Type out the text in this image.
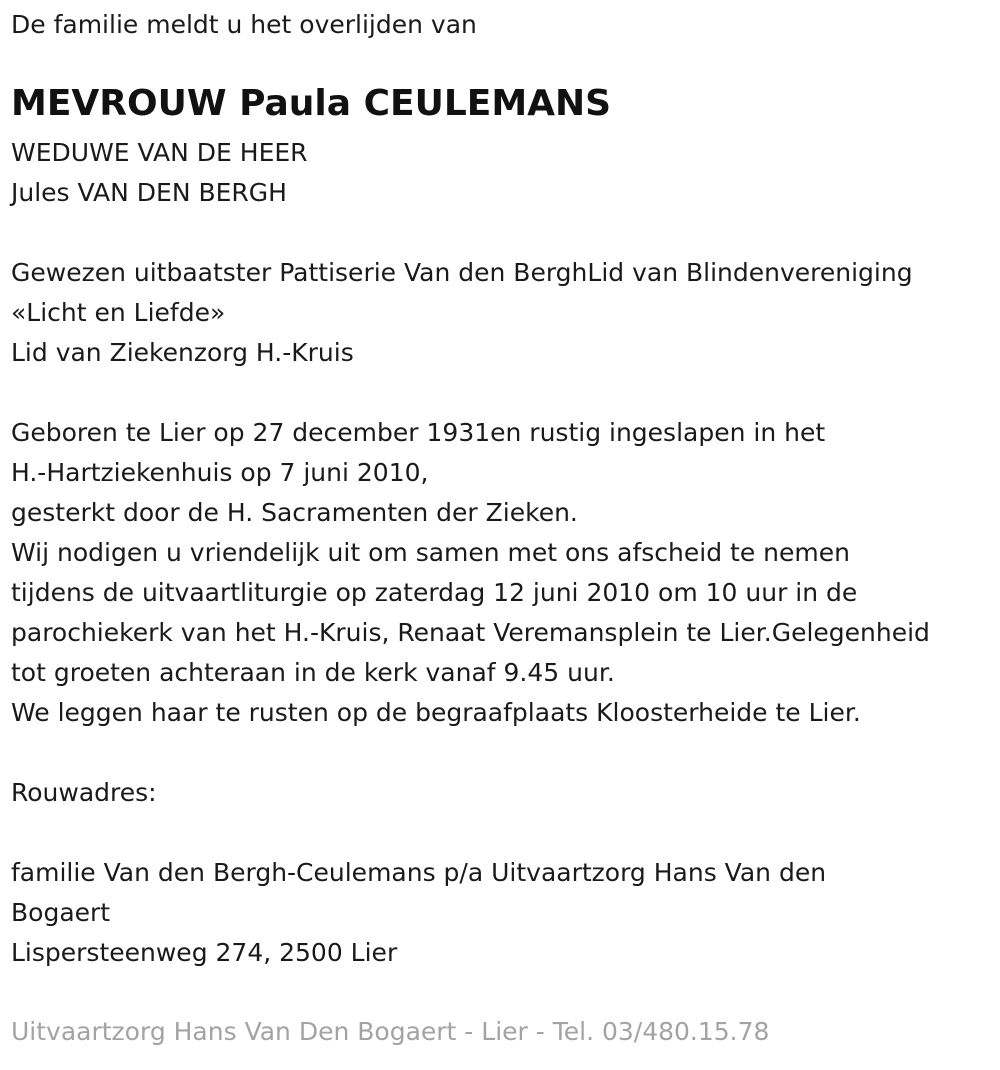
De familie meldt u het overlijden van
MEVROUW Paula CEULEMANS
WEDUWE VAN DE HEER
Jules VAN DEN BERGH
Gewezen uitbaatster Pattiserie Van den BerghLid van Blindenvereniging
«Licht en Liefde»
Lid van Ziekenzorg H.-Kruis
Geboren te Lier op 27 december 1931en rustig ingeslapen in het
H.-Hartziekenhuis op 7 juni 2010,
gesterkt door de H. Sacramenten der Zieken.
Wij nodigen u vriendelijk uit om samen met ons afscheid te nemen
tijdens de uitvaartliturgie op zaterdag 12 juni 2010 om 10 uur in de
parochiekerk van het H.-Kruis, Renaat Veremansplein te Lier.Gelegenheid
tot groeten achteraan in de kerk vanaf 9.45 uur.
We leggen haar te rusten op de begraafplaats Kloosterheide te Lier.
Rouwadres:
familie Van den Bergh-Ceulemans p/a Uitvaartzorg Hans Van den
Bogaert
Lispersteenweg 274, 2500 Lier
Uitvaartzorg Hans Van Den Bogaert - Lier - Tel. 03/480.15.78
